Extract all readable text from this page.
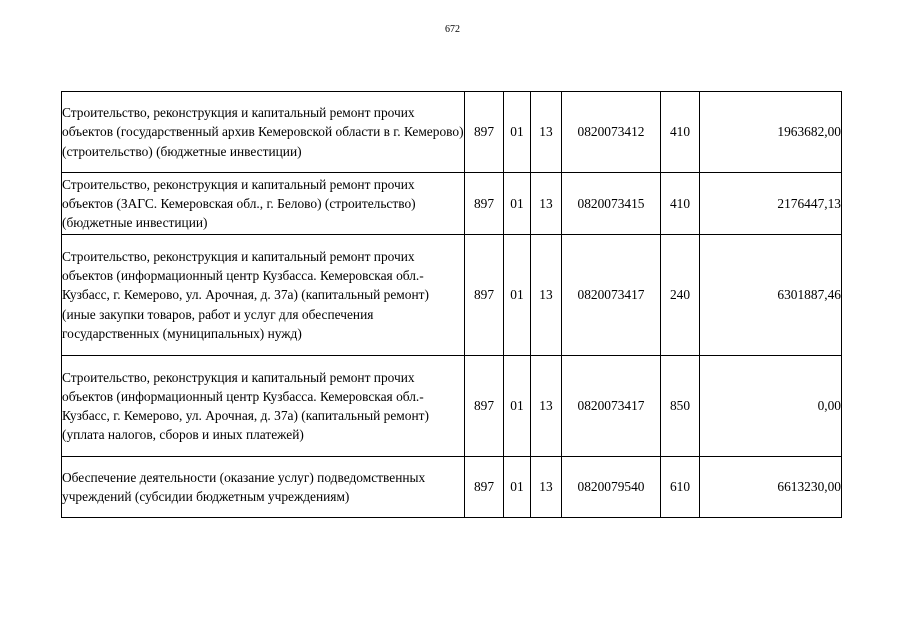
672
Строительство, реконструкция и капитальный ремонт прочих объектов (государственный архив Кемеровской области в г. Кемерово) (строительство) (бюджетные инвестиции)	897	01	13	0820073412	410	1963682,00
Строительство, реконструкция и капитальный ремонт прочих объектов (ЗАГС. Кемеровская обл., г. Белово) (строительство) (бюджетные инвестиции)	897	01	13	0820073415	410	2176447,13
Строительство, реконструкция и капитальный ремонт прочих объектов (информационный центр Кузбасса. Кемеровская обл.-Кузбасс, г. Кемерово, ул. Арочная, д. 37а) (капитальный ремонт) (иные закупки товаров, работ и услуг для обеспечения государственных (муниципальных) нужд)	897	01	13	0820073417	240	6301887,46
Строительство, реконструкция и капитальный ремонт прочих объектов (информационный центр Кузбасса. Кемеровская обл.-Кузбасс, г. Кемерово, ул. Арочная, д. 37а) (капитальный ремонт) (уплата налогов, сборов и иных платежей)	897	01	13	0820073417	850	0,00
Обеспечение деятельности (оказание услуг) подведомственных учреждений (субсидии бюджетным учреждениям)	897	01	13	0820079540	610	6613230,00
